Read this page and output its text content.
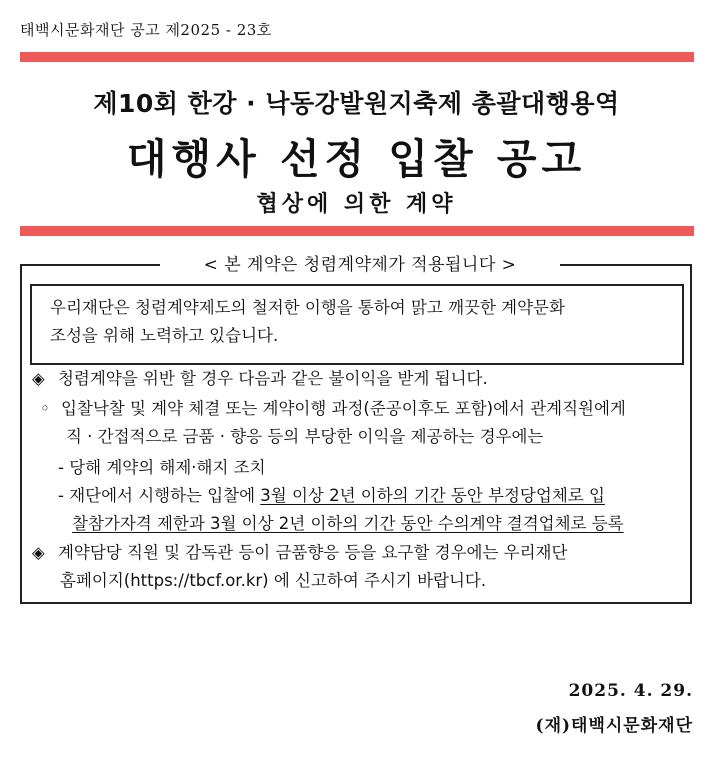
태백시문화재단 공고 제2025 - 23호
제10회 한강 · 낙동강발원지축제 총괄대행용역
대행사 선정 입찰 공고
협상에 의한 계약
< 본 계약은 청렴계약제가 적용됩니다 >
우리재단은 청렴계약제도의 철저한 이행을 통하여 맑고 깨끗한 계약문화
조성을 위해 노력하고 있습니다.
◈ 청렴계약을 위반 할 경우 다음과 같은 불이익을 받게 됩니다.
◦ 입찰낙찰 및 계약 체결 또는 계약이행 과정(준공이후도 포함)에서 관계직원에게
직 · 간접적으로 금품 · 향응 등의 부당한 이익을 제공하는 경우에는
- 당해 계약의 해제·해지 조치
- 재단에서 시행하는 입찰에 3월 이상 2년 이하의 기간 동안 부정당업체로 입
찰참가자격 제한과 3월 이상 2년 이하의 기간 동안 수의계약 결격업체로 등록
◈ 계약담당 직원 및 감독관 등이 금품향응 등을 요구할 경우에는 우리재단
홈페이지(https://tbcf.or.kr) 에 신고하여 주시기 바랍니다.
2025. 4. 29.
(재)태백시문화재단
